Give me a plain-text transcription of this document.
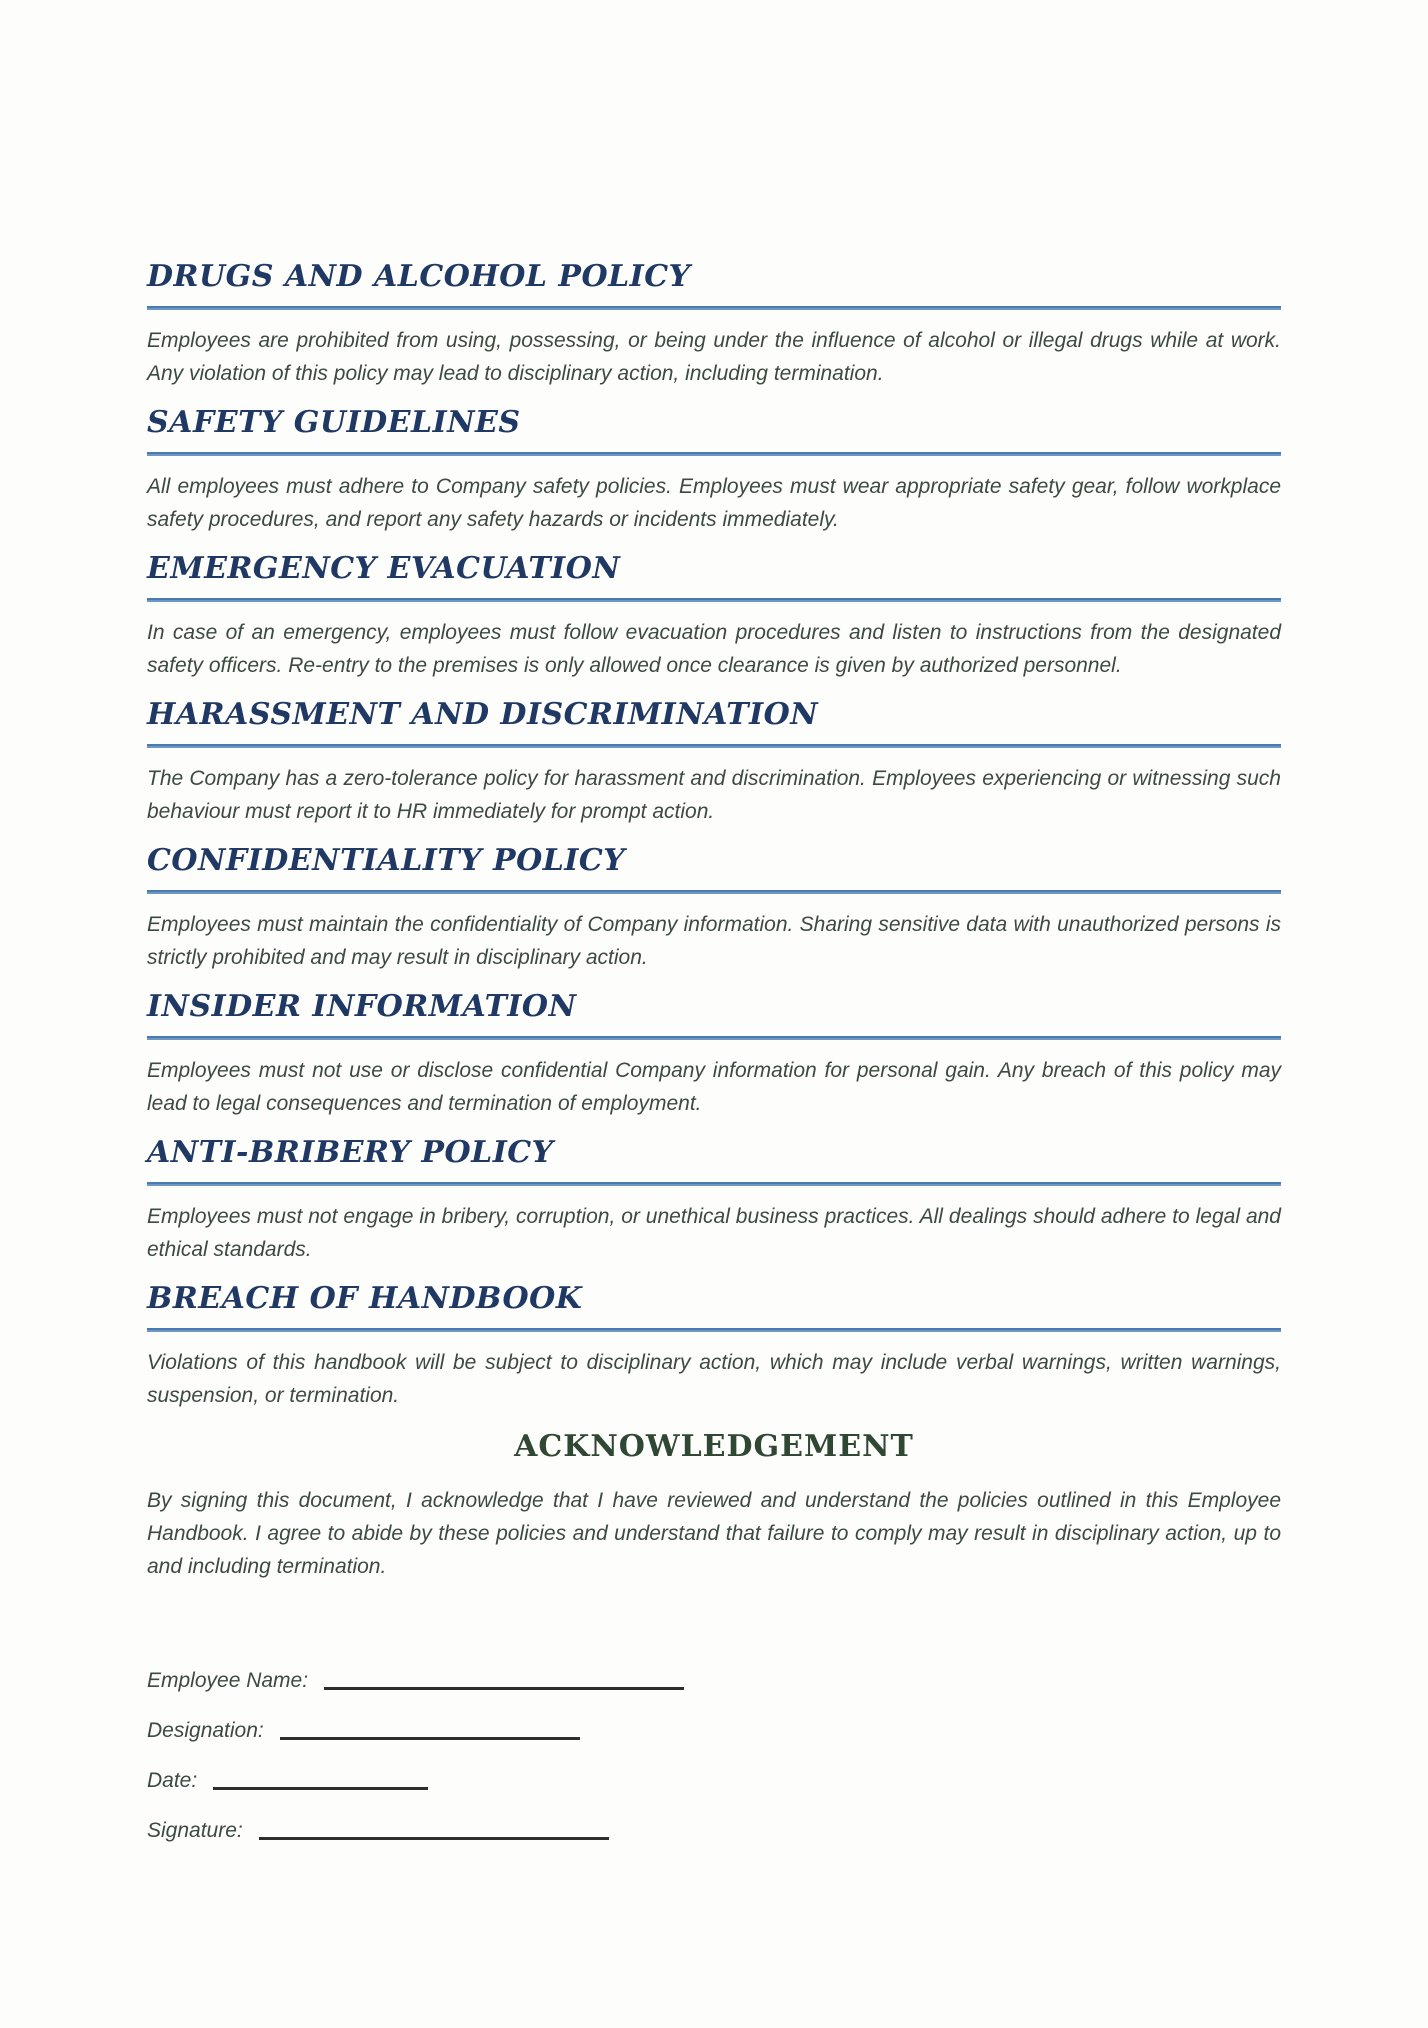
DRUGS AND ALCOHOL POLICY

Employees are prohibited from using, possessing, or being under the influence of alcohol or illegal drugs while at work. Any violation of this policy may lead to disciplinary action, including termination.

SAFETY GUIDELINES

All employees must adhere to Company safety policies. Employees must wear appropriate safety gear, follow workplace safety procedures, and report any safety hazards or incidents immediately.

EMERGENCY EVACUATION

In case of an emergency, employees must follow evacuation procedures and listen to instructions from the designated safety officers. Re-entry to the premises is only allowed once clearance is given by authorized personnel.

HARASSMENT AND DISCRIMINATION

The Company has a zero-tolerance policy for harassment and discrimination. Employees experiencing or witnessing such behaviour must report it to HR immediately for prompt action.

CONFIDENTIALITY POLICY

Employees must maintain the confidentiality of Company information. Sharing sensitive data with unauthorized persons is strictly prohibited and may result in disciplinary action.

INSIDER INFORMATION

Employees must not use or disclose confidential Company information for personal gain. Any breach of this policy may lead to legal consequences and termination of employment.

ANTI-BRIBERY POLICY

Employees must not engage in bribery, corruption, or unethical business practices. All dealings should adhere to legal and ethical standards.

BREACH OF HANDBOOK

Violations of this handbook will be subject to disciplinary action, which may include verbal warnings, written warnings, suspension, or termination.

ACKNOWLEDGEMENT

By signing this document, I acknowledge that I have reviewed and understand the policies outlined in this Employee Handbook. I agree to abide by these policies and understand that failure to comply may result in disciplinary action, up to and including termination.

Employee Name:
Designation:
Date:
Signature:
